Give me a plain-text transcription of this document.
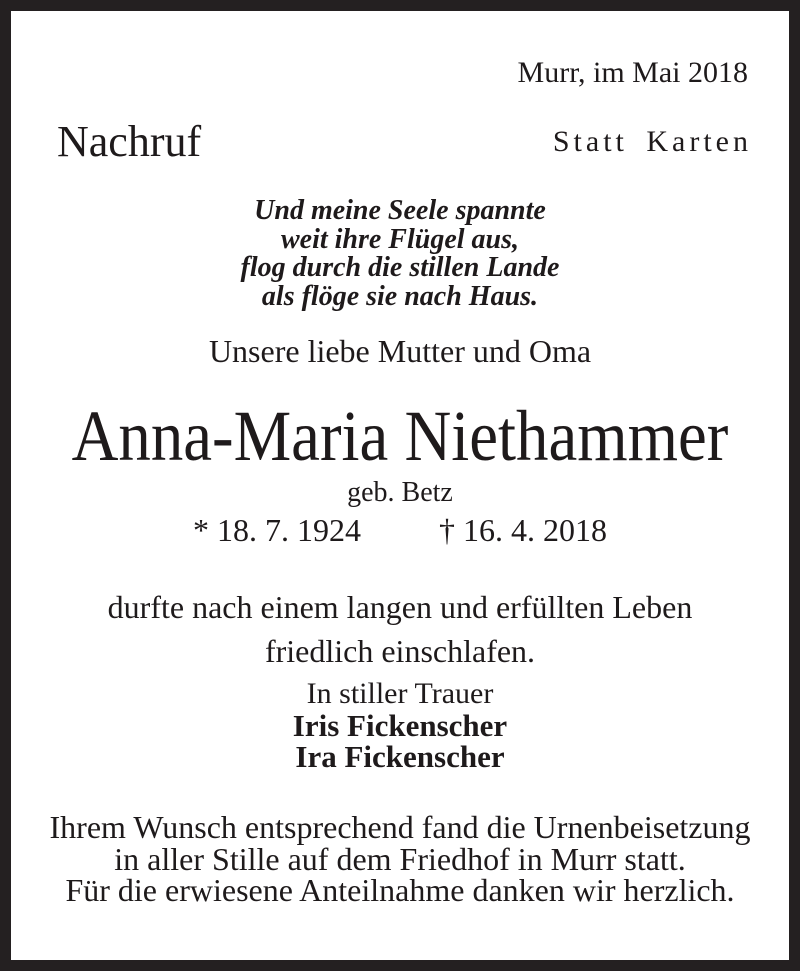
Murr, im Mai 2018
Nachruf	Statt Karten
Und meine Seele spannte
weit ihre Flügel aus,
flog durch die stillen Lande
als flöge sie nach Haus.
Unsere liebe Mutter und Oma
Anna-Maria Niethammer
geb. Betz
* 18. 7. 1924 † 16. 4. 2018
durfte nach einem langen und erfüllten Leben
friedlich einschlafen.
In stiller Trauer
Iris Fickenscher
Ira Fickenscher
Ihrem Wunsch entsprechend fand die Urnenbeisetzung
in aller Stille auf dem Friedhof in Murr statt.
Für die erwiesene Anteilnahme danken wir herzlich.
